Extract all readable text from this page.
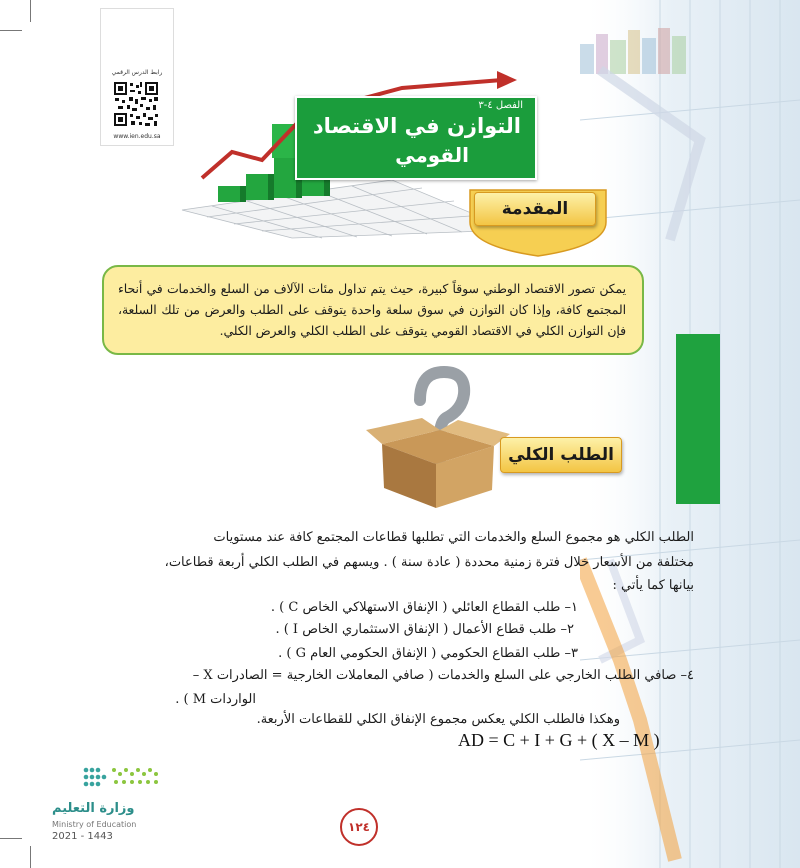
رابط الدرس الرقمي
www.ien.edu.sa
الفصل ٤-٣
التوازن في الاقتصاد
القومي
المقدمة

يمكن تصور الاقتصاد الوطني سوقاً كبيرة، حيث يتم تداول مئات الآلاف من السلع والخدمات في أنحاء المجتمع كافة، وإذا كان التوازن في سوق سلعة واحدة يتوقف على الطلب والعرض من تلك السلعة، فإن التوازن الكلي في الاقتصاد القومي يتوقف على الطلب الكلي والعرض الكلي.

الطلب الكلي
الطلب الكلي هو مجموع السلع والخدمات التي تطلبها قطاعات المجتمع كافة عند مستويات
مختلفة من الأسعار خلال فترة زمنية محددة ( عادة سنة ) . ويسهم في الطلب الكلي أربعة قطاعات،
بيانها كما يأتي :
١– طلب القطاع العائلي ( الإنفاق الاستهلاكي الخاص C ) .
٢– طلب قطاع الأعمال ( الإنفاق الاستثماري الخاص I ) .
٣– طلب القطاع الحكومي ( الإنفاق الحكومي العام G ) .
٤– صافي الطلب الخارجي على السلع والخدمات ( صافي المعاملات الخارجية = الصادرات X –
الواردات M ) .
وهكذا فالطلب الكلي يعكس مجموع الإنفاق الكلي للقطاعات الأربعة.
AD = C + I + G + ( X – M )
وزارة التعليم
Ministry of Education
2021 - 1443
١٢٤
